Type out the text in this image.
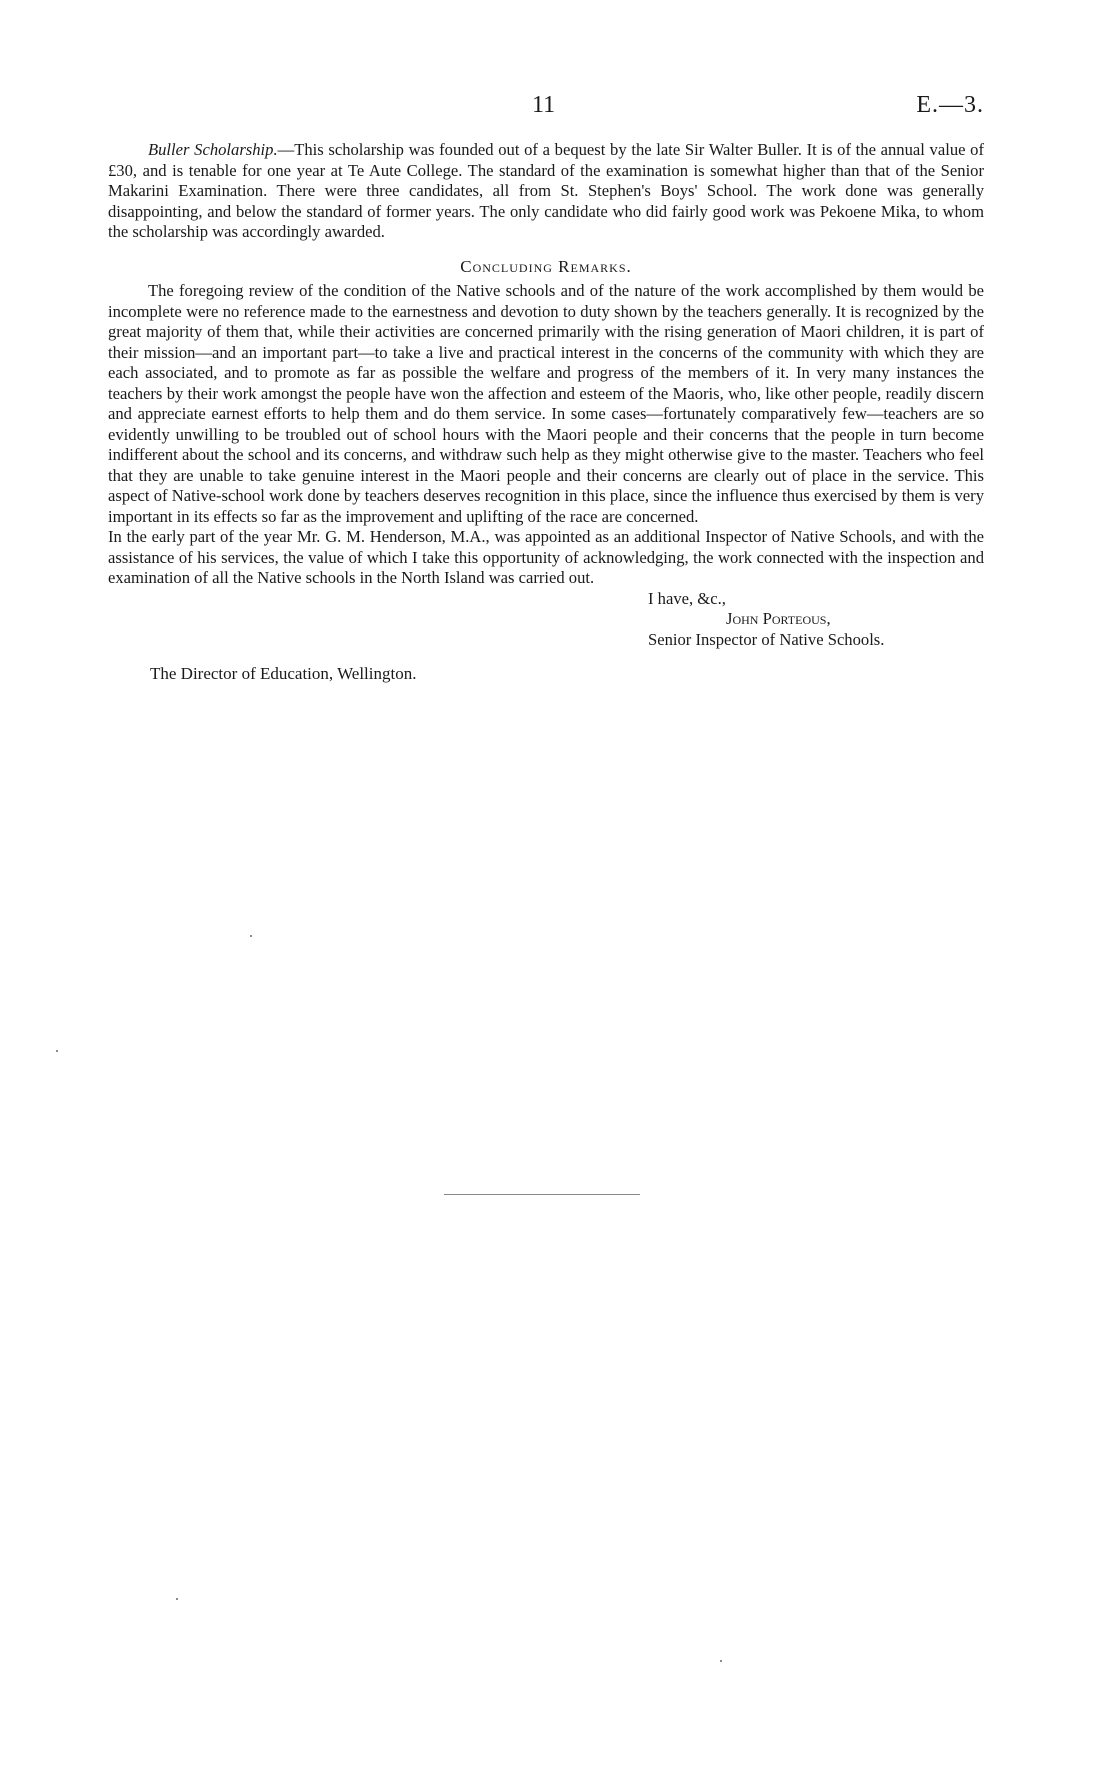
11	E.—3.

Buller Scholarship.—This scholarship was founded out of a bequest by the late Sir Walter Buller. It is of the annual value of £30, and is tenable for one year at Te Aute College. The standard of the examination is somewhat higher than that of the Senior Makarini Examination. There were three candidates, all from St. Stephen's Boys' School. The work done was generally disappointing, and below the standard of former years. The only candidate who did fairly good work was Pekoene Mika, to whom the scholarship was accordingly awarded.

Concluding Remarks.

The foregoing review of the condition of the Native schools and of the nature of the work accomplished by them would be incomplete were no reference made to the earnestness and devotion to duty shown by the teachers generally. It is recognized by the great majority of them that, while their activities are concerned primarily with the rising generation of Maori children, it is part of their mission—and an important part—to take a live and practical interest in the concerns of the community with which they are each associated, and to promote as far as possible the welfare and progress of the members of it. In very many instances the teachers by their work amongst the people have won the affection and esteem of the Maoris, who, like other people, readily discern and appreciate earnest efforts to help them and do them service. In some cases—fortunately comparatively few—teachers are so evidently unwilling to be troubled out of school hours with the Maori people and their concerns that the people in turn become indifferent about the school and its concerns, and withdraw such help as they might otherwise give to the master. Teachers who feel that they are unable to take genuine interest in the Maori people and their concerns are clearly out of place in the service. This aspect of Native-school work done by teachers deserves recognition in this place, since the influence thus exercised by them is very important in its effects so far as the improvement and uplifting of the race are concerned.

In the early part of the year Mr. G. M. Henderson, M.A., was appointed as an additional Inspector of Native Schools, and with the assistance of his services, the value of which I take this opportunity of acknowledging, the work connected with the inspection and examination of all the Native schools in the North Island was carried out.

I have, &c.,
John Porteous,
Senior Inspector of Native Schools.
The Director of Education, Wellington.
